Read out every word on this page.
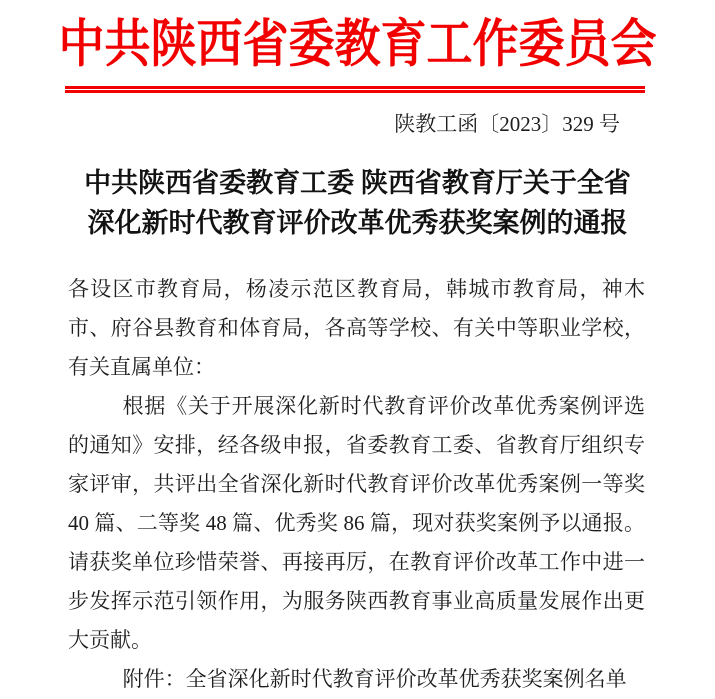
中共陕西省委教育工作委员会
陕教工函〔2023〕329 号
中共陕西省委教育工委 陕西省教育厅关于全省
深化新时代教育评价改革优秀获奖案例的通报

各设区市教育局，杨凌示范区教育局，韩城市教育局，神木市、府谷县教育和体育局，各高等学校、有关中等职业学校，有关直属单位：

根据《关于开展深化新时代教育评价改革优秀案例评选的通知》安排，经各级申报，省委教育工委、省教育厅组织专家评审，共评出全省深化新时代教育评价改革优秀案例一等奖 40 篇、二等奖 48 篇、优秀奖 86 篇，现对获奖案例予以通报。请获奖单位珍惜荣誉、再接再厉，在教育评价改革工作中进一步发挥示范引领作用，为服务陕西教育事业高质量发展作出更大贡献。

附件：全省深化新时代教育评价改革优秀获奖案例名单
